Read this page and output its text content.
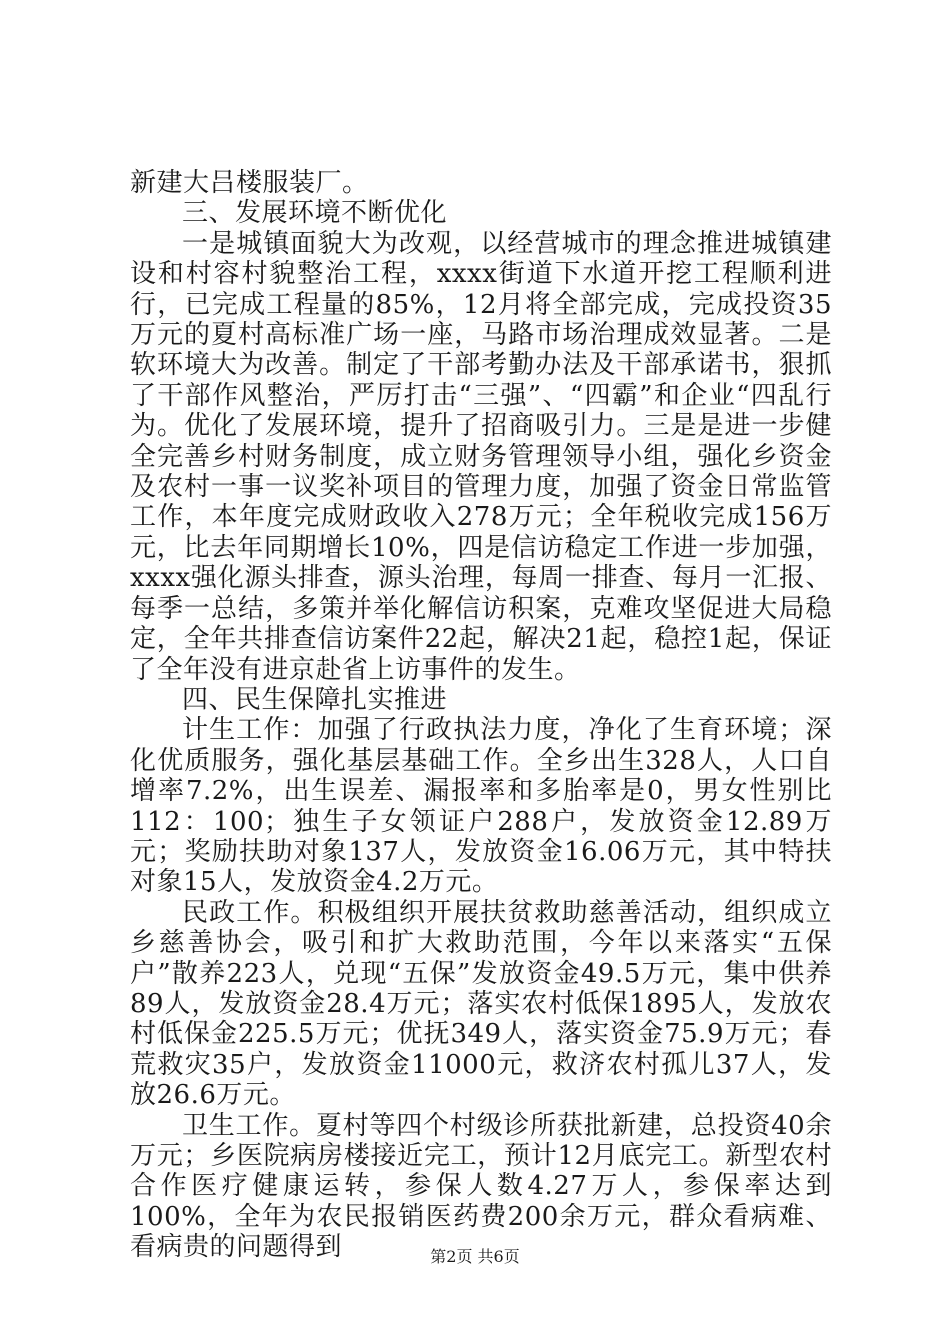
新建大吕楼服装厂。

三、发展环境不断优化

一是城镇面貌大为改观，以经营城市的理念推进城镇建设和村容村貌整治工程，xxxx街道下水道开挖工程顺利进行，已完成工程量的85%，12月将全部完成，完成投资35万元的夏村高标准广场一座，马路市场治理成效显著。二是软环境大为改善。制定了干部考勤办法及干部承诺书，狠抓了干部作风整治，严厉打击“三强”、“四霸”和企业“四乱行为。优化了发展环境，提升了招商吸引力。三是是进一步健全完善乡村财务制度，成立财务管理领导小组，强化乡资金及农村一事一议奖补项目的管理力度，加强了资金日常监管工作，本年度完成财政收入278万元；全年税收完成156万元，比去年同期增长10%，四是信访稳定工作进一步加强，xxxx强化源头排查，源头治理，每周一排查、每月一汇报、每季一总结，多策并举化解信访积案，克难攻坚促进大局稳定，全年共排查信访案件22起，解决21起，稳控1起，保证了全年没有进京赴省上访事件的发生。

四、民生保障扎实推进

计生工作：加强了行政执法力度，净化了生育环境；深化优质服务，强化基层基础工作。全乡出生328人，人口自增率7.2%，出生误差、漏报率和多胎率是0，男女性别比112：100；独生子女领证户288户，发放资金12.89万元；奖励扶助对象137人，发放资金16.06万元，其中特扶对象15人，发放资金4.2万元。

民政工作。积极组织开展扶贫救助慈善活动，组织成立乡慈善协会，吸引和扩大救助范围，今年以来落实“五保户”散养223人，兑现“五保”发放资金49.5万元，集中供养89人，发放资金28.4万元；落实农村低保1895人，发放农村低保金225.5万元；优抚349人，落实资金75.9万元；春荒救灾35户，发放资金11000元，救济农村孤儿37人，发放26.6万元。

卫生工作。夏村等四个村级诊所获批新建，总投资40余万元；乡医院病房楼接近完工，预计12月底完工。新型农村合作医疗健康运转，参保人数4.27万人，参保率达到100%，全年为农民报销医药费200余万元，群众看病难、看病贵的问题得到	第2页 共6页
